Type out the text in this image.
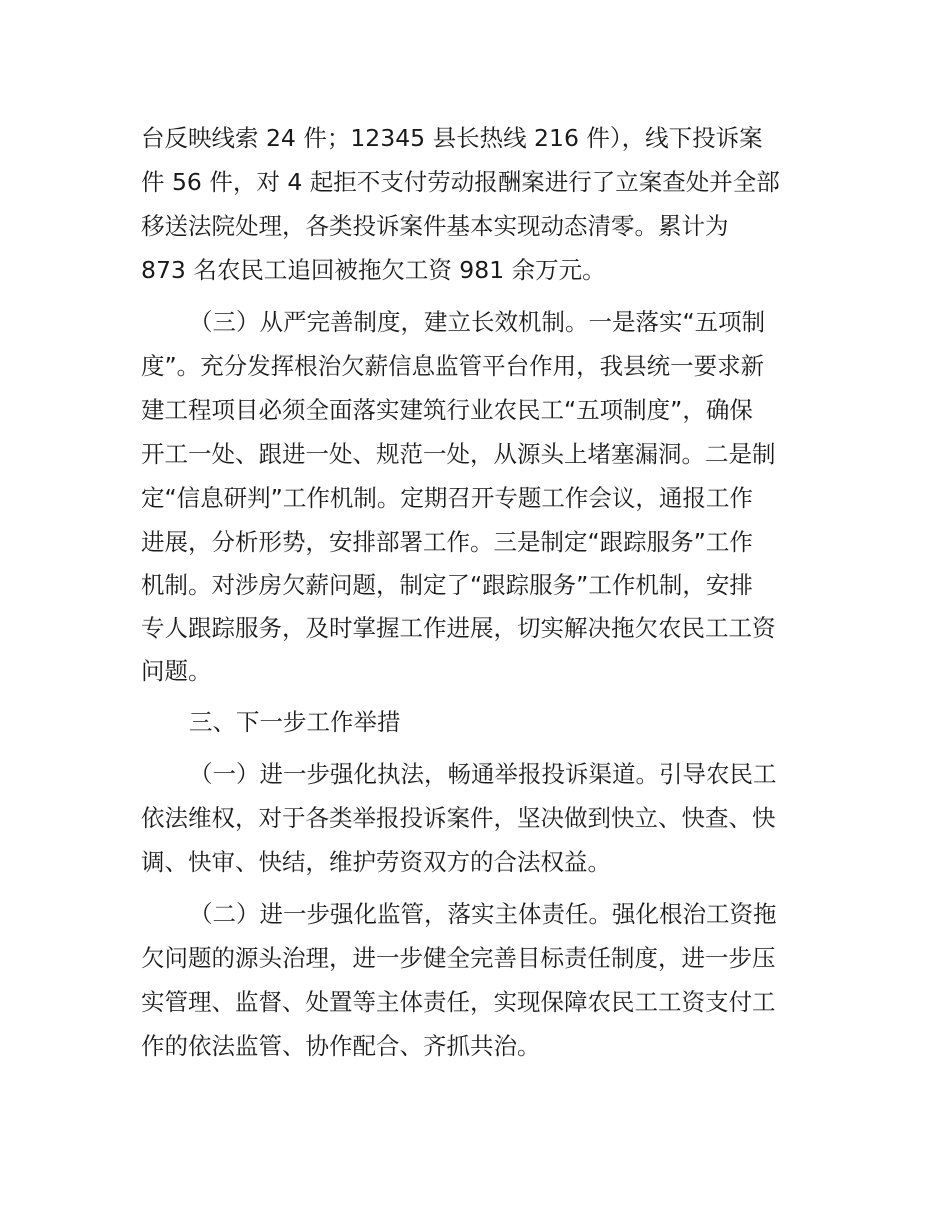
台反映线索 24 件；12345 县长热线 216 件），线下投诉案
件 56 件，对 4 起拒不支付劳动报酬案进行了立案查处并全部
移送法院处理，各类投诉案件基本实现动态清零。累计为
873 名农民工追回被拖欠工资 981 余万元。
（三）从严完善制度，建立长效机制。一是落实“五项制
度”。充分发挥根治欠薪信息监管平台作用，我县统一要求新
建工程项目必须全面落实建筑行业农民工“五项制度”，确保
开工一处、跟进一处、规范一处，从源头上堵塞漏洞。二是制
定“信息研判”工作机制。定期召开专题工作会议，通报工作
进展，分析形势，安排部署工作。三是制定“跟踪服务”工作
机制。对涉房欠薪问题，制定了“跟踪服务”工作机制，安排
专人跟踪服务，及时掌握工作进展，切实解决拖欠农民工工资
问题。
三、下一步工作举措
（一）进一步强化执法，畅通举报投诉渠道。引导农民工
依法维权，对于各类举报投诉案件，坚决做到快立、快查、快
调、快审、快结，维护劳资双方的合法权益。
（二）进一步强化监管，落实主体责任。强化根治工资拖
欠问题的源头治理，进一步健全完善目标责任制度，进一步压
实管理、监督、处置等主体责任，实现保障农民工工资支付工
作的依法监管、协作配合、齐抓共治。
